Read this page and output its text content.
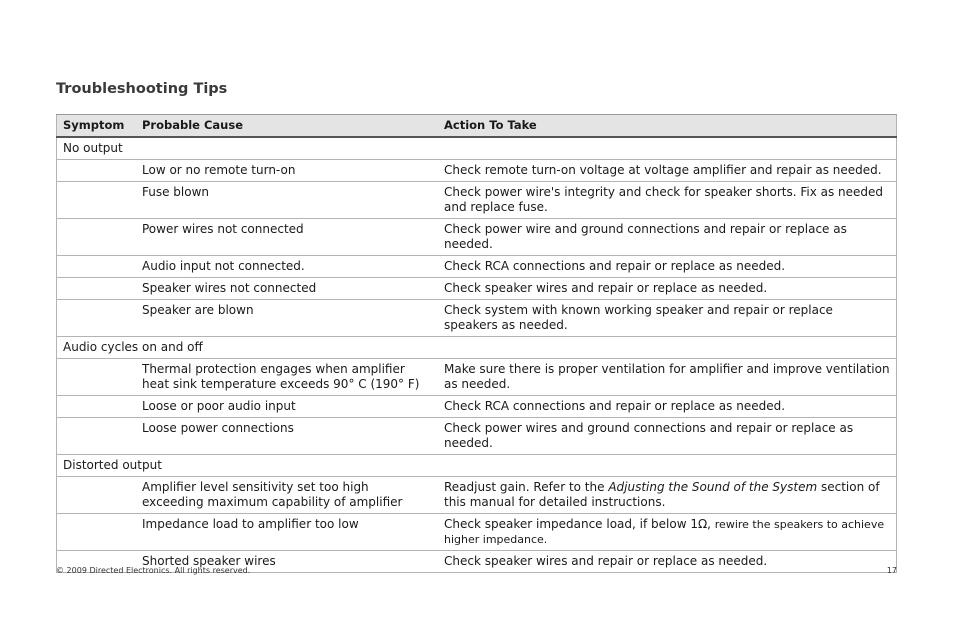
Troubleshooting Tips
Symptom	Probable Cause	Action To Take
No output		
	Low or no remote turn-on	Check remote turn-on voltage at voltage amplifier and repair as needed.
	Fuse blown	Check power wire's integrity and check for speaker shorts. Fix as needed and replace fuse.
	Power wires not connected	Check power wire and ground connections and repair or replace as needed.
	Audio input not connected.	Check RCA connections and repair or replace as needed.
	Speaker wires not connected	Check speaker wires and repair or replace as needed.
	Speaker are blown	Check system with known working speaker and repair or replace speakers as needed.
Audio cycles on and off		
	Thermal protection engages when amplifier heat sink temperature exceeds 90° C (190° F)	Make sure there is proper ventilation for amplifier and improve ventilation as needed.
	Loose or poor audio input	Check RCA connections and repair or replace as needed.
	Loose power connections	Check power wires and ground connections and repair or replace as needed.
Distorted output		
	Amplifier level sensitivity set too high exceeding maximum capability of amplifier	Readjust gain. Refer to the Adjusting the Sound of the System section of this manual for detailed instructions.
	Impedance load to amplifier too low	Check speaker impedance load, if below 1Ω, rewire the speakers to achieve higher impedance.
	Shorted speaker wires	Check speaker wires and repair or replace as needed.
© 2009 Directed Electronics. All rights reserved.	17
